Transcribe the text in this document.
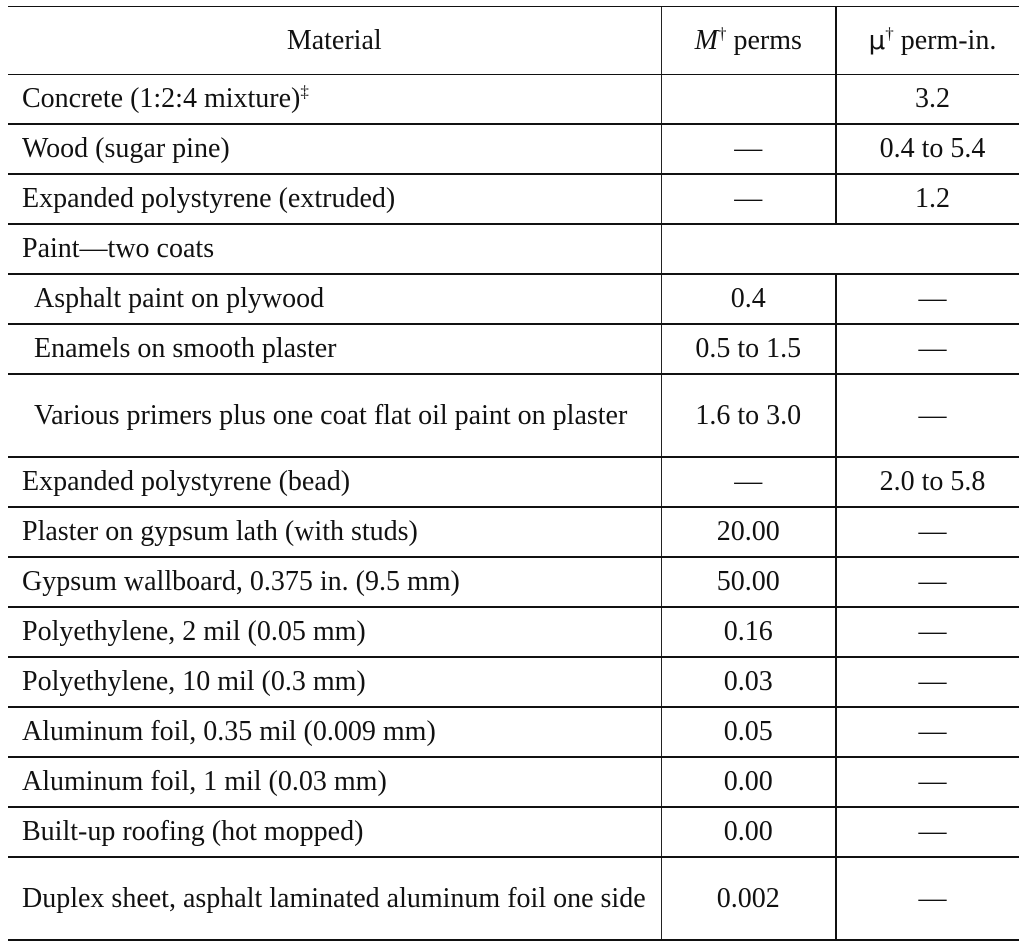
Material	M† perms	μ† perm-in.
Concrete (1:2:4 mixture)‡		3.2
Wood (sugar pine)	—	0.4 to 5.4
Expanded polystyrene (extruded)	—	1.2
Paint—two coats		
Asphalt paint on plywood	0.4	—
Enamels on smooth plaster	0.5 to 1.5	—
Various primers plus one coat flat oil paint on plaster	1.6 to 3.0	—
Expanded polystyrene (bead)	—	2.0 to 5.8
Plaster on gypsum lath (with studs)	20.00	—
Gypsum wallboard, 0.375 in. (9.5 mm)	50.00	—
Polyethylene, 2 mil (0.05 mm)	0.16	—
Polyethylene, 10 mil (0.3 mm)	0.03	—
Aluminum foil, 0.35 mil (0.009 mm)	0.05	—
Aluminum foil, 1 mil (0.03 mm)	0.00	—
Built-up roofing (hot mopped)	0.00	—
Duplex sheet, asphalt laminated aluminum foil one side	0.002	—
